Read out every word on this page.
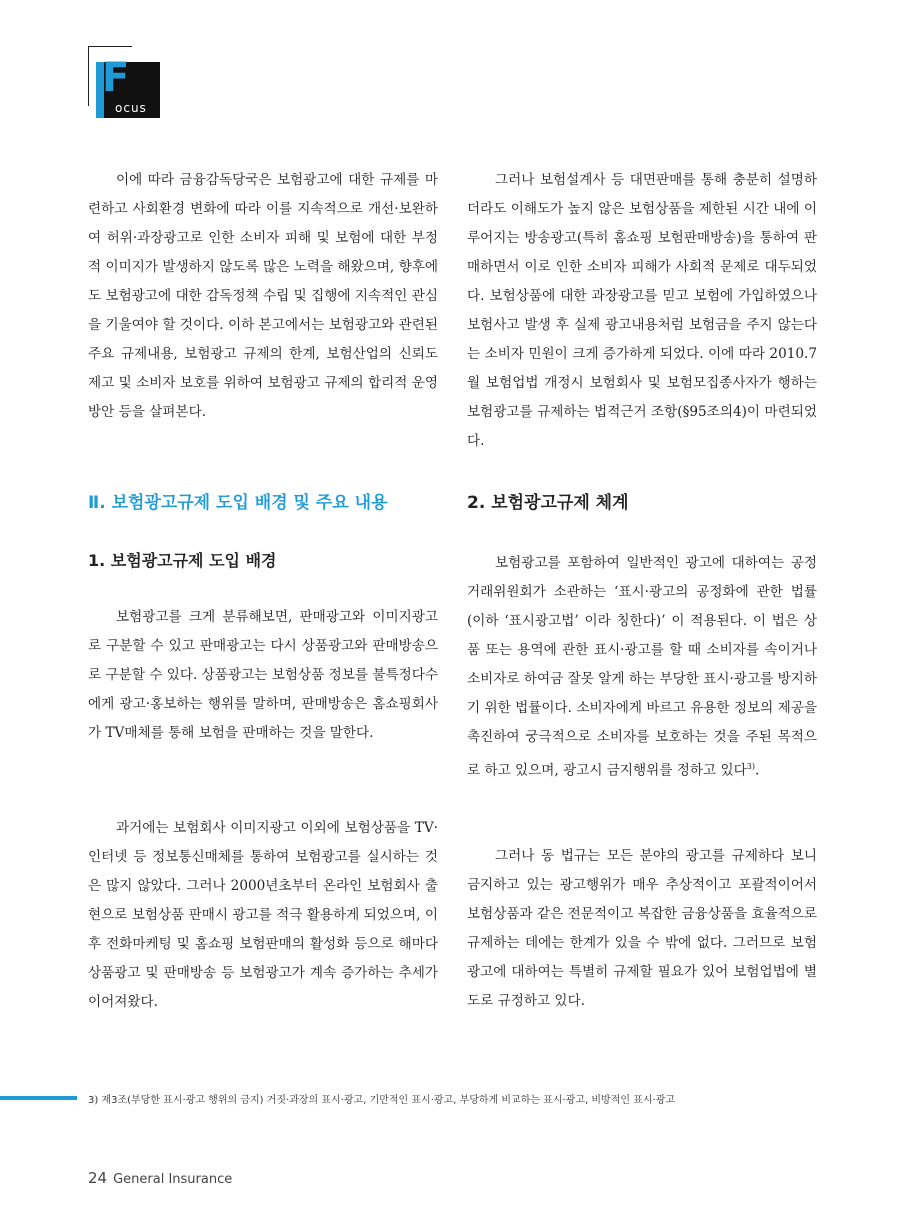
F
ocus

이에 따라 금융감독당국은 보험광고에 대한 규제를 마련하고 사회환경 변화에 따라 이를 지속적으로 개선·보완하여 허위·과장광고로 인한 소비자 피해 및 보험에 대한 부정적 이미지가 발생하지 않도록 많은 노력을 해왔으며, 향후에도 보험광고에 대한 감독정책 수립 및 집행에 지속적인 관심을 기울여야 할 것이다. 이하 본고에서는 보험광고와 관련된 주요 규제내용, 보험광고 규제의 한계, 보험산업의 신뢰도 제고 및 소비자 보호를 위하여 보험광고 규제의 합리적 운영방안 등을 살펴본다.

Ⅱ. 보험광고규제 도입 배경 및 주요 내용
1. 보험광고규제 도입 배경

보험광고를 크게 분류해보면, 판매광고와 이미지광고로 구분할 수 있고 판매광고는 다시 상품광고와 판매방송으로 구분할 수 있다. 상품광고는 보험상품 정보를 불특정다수에게 광고·홍보하는 행위를 말하며, 판매방송은 홈쇼핑회사가 TV매체를 통해 보험을 판매하는 것을 말한다.

과거에는 보험회사 이미지광고 이외에 보험상품을 TV·인터넷 등 정보통신매체를 통하여 보험광고를 실시하는 것은 많지 않았다. 그러나 2000년초부터 온라인 보험회사 출현으로 보험상품 판매시 광고를 적극 활용하게 되었으며, 이후 전화마케팅 및 홈쇼핑 보험판매의 활성화 등으로 해마다 상품광고 및 판매방송 등 보험광고가 계속 증가하는 추세가 이어져왔다.

그러나 보험설계사 등 대면판매를 통해 충분히 설명하더라도 이해도가 높지 않은 보험상품을 제한된 시간 내에 이루어지는 방송광고(특히 홈쇼핑 보험판매방송)을 통하여 판매하면서 이로 인한 소비자 피해가 사회적 문제로 대두되었다. 보험상품에 대한 과장광고를 믿고 보험에 가입하였으나 보험사고 발생 후 실제 광고내용처럼 보험금을 주지 않는다는 소비자 민원이 크게 증가하게 되었다. 이에 따라 2010.7월 보험업법 개정시 보험회사 및 보험모집종사자가 행하는 보험광고를 규제하는 법적근거 조항(§95조의4)이 마련되었다.

2. 보험광고규제 체계

보험광고를 포함하여 일반적인 광고에 대하여는 공정거래위원회가 소관하는 ‘표시·광고의 공정화에 관한 법률(이하 ‘표시광고법’ 이라 칭한다)’ 이 적용된다. 이 법은 상품 또는 용역에 관한 표시·광고를 할 때 소비자를 속이거나 소비자로 하여금 잘못 알게 하는 부당한 표시·광고를 방지하기 위한 법률이다. 소비자에게 바르고 유용한 정보의 제공을 촉진하여 궁극적으로 소비자를 보호하는 것을 주된 목적으로 하고 있으며, 광고시 금지행위를 정하고 있다$^{3)}$.

그러나 동 법규는 모든 분야의 광고를 규제하다 보니 금지하고 있는 광고행위가 매우 추상적이고 포괄적이어서 보험상품과 같은 전문적이고 복잡한 금융상품을 효율적으로 규제하는 데에는 한계가 있을 수 밖에 없다. 그러므로 보험광고에 대하여는 특별히 규제할 필요가 있어 보험업법에 별도로 규정하고 있다.

3) 제3조(부당한 표시·광고 행위의 금지) 거짓·과장의 표시·광고, 기만적인 표시·광고, 부당하게 비교하는 표시·광고, 비방적인 표시·광고
24 General Insurance
